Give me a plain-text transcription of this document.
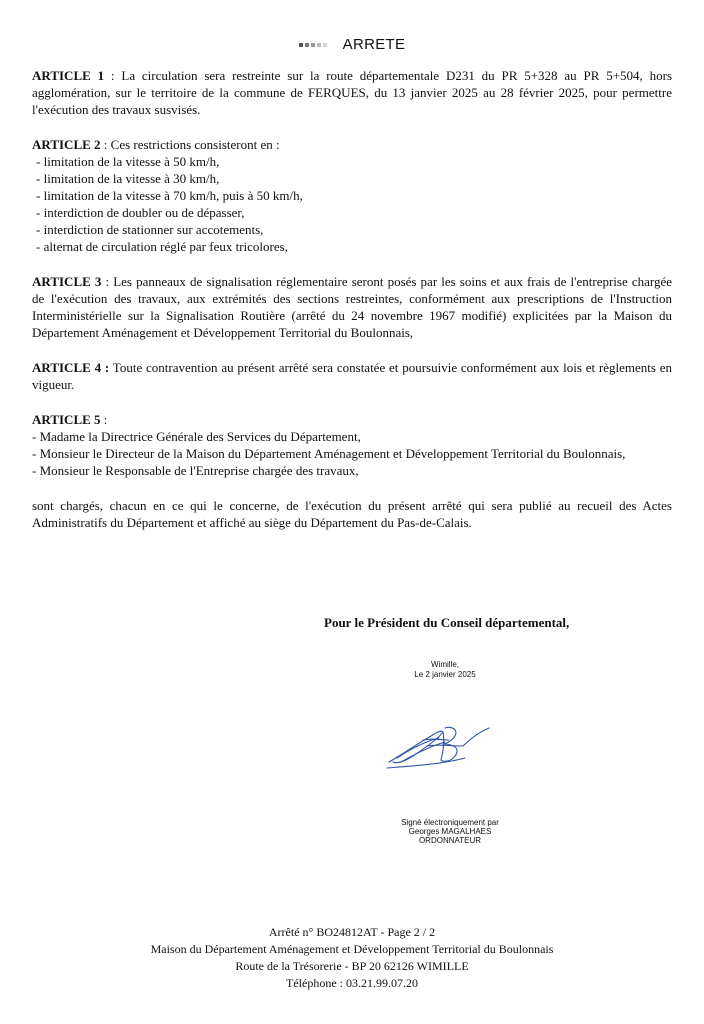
ARRETE

ARTICLE 1 : La circulation sera restreinte sur la route départementale D231 du PR 5+328 au PR 5+504, hors agglomération, sur le territoire de la commune de FERQUES, du 13 janvier 2025 au 28 février 2025, pour permettre l'exécution des travaux susvisés.

ARTICLE 2 : Ces restrictions consisteront en :

- limitation de la vitesse à 50 km/h,
- limitation de la vitesse à 30 km/h,
- limitation de la vitesse à 70 km/h, puis à 50 km/h,
- interdiction de doubler ou de dépasser,
- interdiction de stationner sur accotements,
- alternat de circulation réglé par feux tricolores,

ARTICLE 3 : Les panneaux de signalisation réglementaire seront posés par les soins et aux frais de l'entreprise chargée de l'exécution des travaux, aux extrémités des sections restreintes, conformément aux prescriptions de l'Instruction Interministérielle sur la Signalisation Routière (arrêté du 24 novembre 1967 modifié) explicitées par la Maison du Département Aménagement et Développement Territorial du Boulonnais,

ARTICLE 4 : Toute contravention au présent arrêté sera constatée et poursuivie conformément aux lois et règlements en vigueur.

ARTICLE 5 :

- Madame la Directrice Générale des Services du Département,
- Monsieur le Directeur de la Maison du Département Aménagement et Développement Territorial du Boulonnais,
- Monsieur le Responsable de l'Entreprise chargée des travaux,

sont chargés, chacun en ce qui le concerne, de l'exécution du présent arrêté qui sera publié au recueil des Actes Administratifs du Département et affiché au siège du Département du Pas-de-Calais.

Pour le Président du Conseil départemental,
Wimille,
Le 2 janvier 2025
Signé électroniquement par
Georges MAGALHAES
ORDONNATEUR
Arrêté n° BO24812AT - Page 2 / 2
Maison du Département Aménagement et Développement Territorial du Boulonnais
Route de la Trésorerie - BP 20 62126 WIMILLE
Téléphone : 03.21.99.07.20
